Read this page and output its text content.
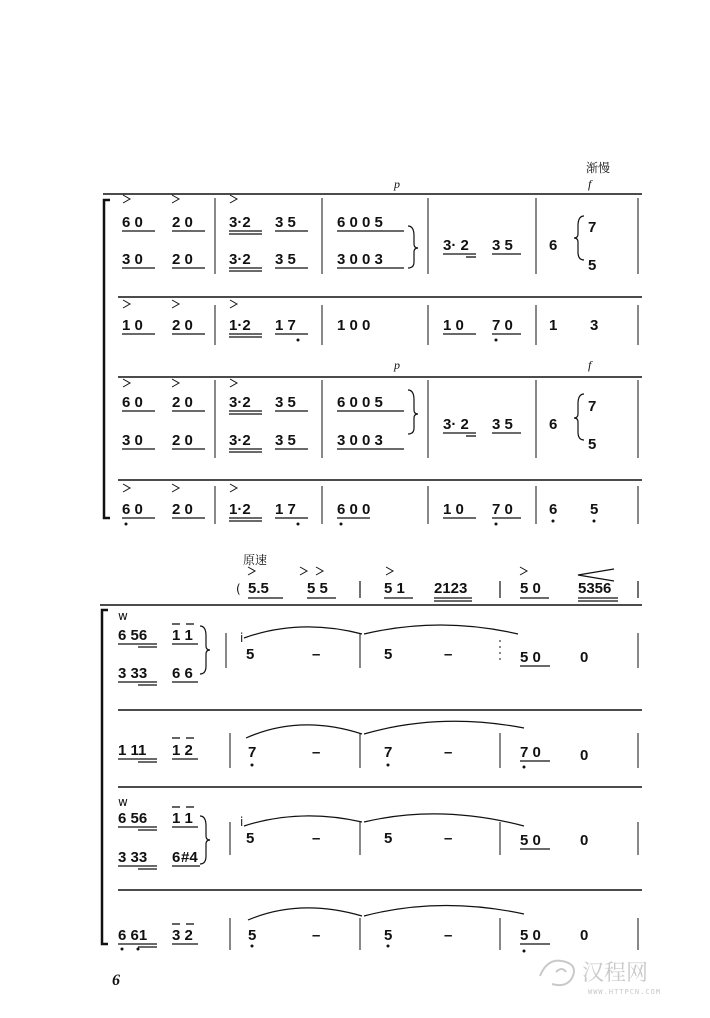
渐慢
p	f
6 0 2 0 3·2 3 5	6 0 0 5
3· 2 3 5 6
7
3 0 2 0 3·2 3 5	3 0 0 3	5
1 0 2 0 1·2 1 7	1 0 0	1 0 7 0 1 3
p	f
6 0 2 0 3·2 3 5	6 0 0 5
3· 2 3 5 6
7
3 0 2 0 3·2 3 5	3 0 0 3	5
6 0 2 0 1·2 1 7	6 0 0	1 0 7 0 6 5
原速
( 5.5	5 5	5 1 2123	5 0 5356
w
6 56 1 1	i
5	–	5	–	5 0	0
3 33 6 6
1 11 1 2	7	–	7	–	7 0	0
w
6 56 1 1	i
5	–	5	–	5 0	0
3 33 6 #4
6 61 3 2	5	–	5	–	5 0	0
6	汉程网
WWW.HTTPCN.COM
